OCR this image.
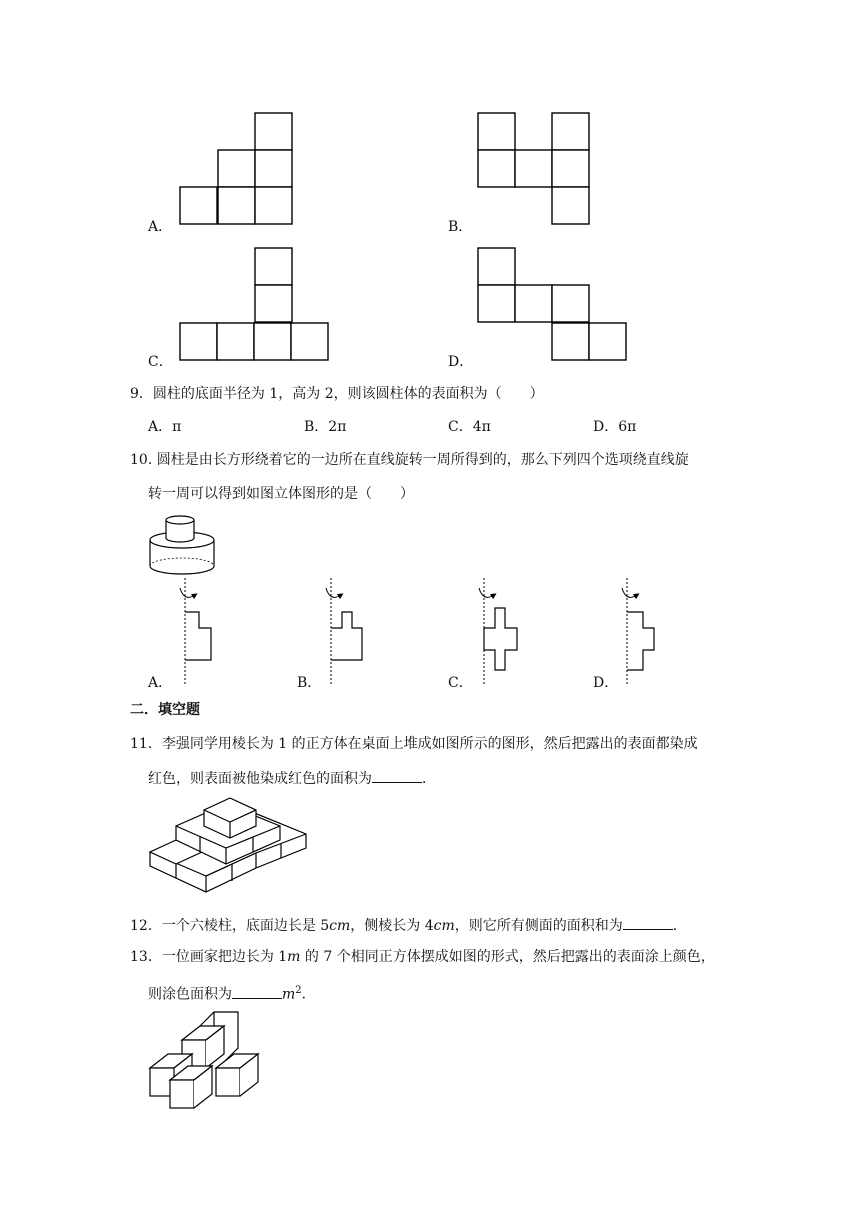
A．	B．
C．	D．
9．圆柱的底面半径为 1，高为 2，则该圆柱体的表面积为（　　）
A．π	B．2π	C．4π	D．6π
10. 圆柱是由长方形绕着它的一边所在直线旋转一周所得到的，那么下列四个选项绕直线旋
转一周可以得到如图立体图形的是（　　）
A．	B．	C．	D．
二．填空题
11．李强同学用棱长为 1 的正方体在桌面上堆成如图所示的图形，然后把露出的表面都染成
红色，则表面被他染成红色的面积为	．
12．一个六棱柱，底面边长是 5cm，侧棱长为 4cm，则它所有侧面的面积和为	．
13．一位画家把边长为 1m 的 7 个相同正方体摆成如图的形式，然后把露出的表面涂上颜色，
则涂色面积为	$m^2$．
